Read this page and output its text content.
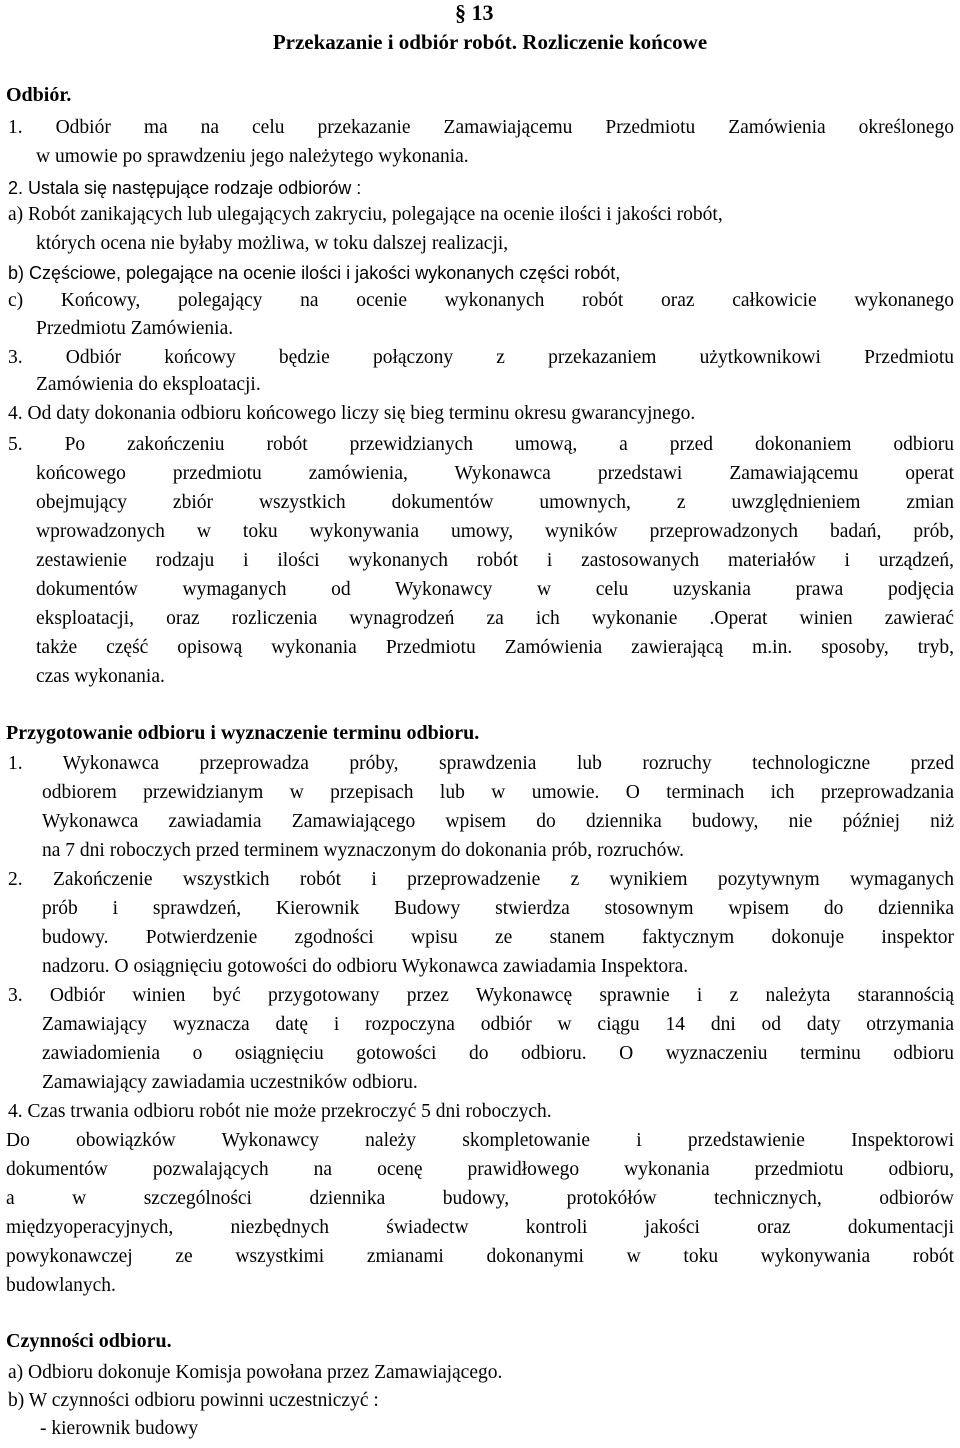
§ 13
Przekazanie i odbiór robót. Rozliczenie końcowe
Odbiór.
1. Odbiór ma na celu przekazanie Zamawiającemu Przedmiotu Zamówienia określonego
w umowie po sprawdzeniu jego należytego wykonania.
2. Ustala się następujące rodzaje odbiorów :
a) Robót zanikających lub ulegających zakryciu, polegające na ocenie ilości i jakości robót,
których ocena nie byłaby możliwa, w toku dalszej realizacji,
b) Częściowe, polegające na ocenie ilości i jakości wykonanych części robót,
c) Końcowy, polegający na ocenie wykonanych robót oraz całkowicie wykonanego
Przedmiotu Zamówienia.
3. Odbiór końcowy będzie połączony z przekazaniem użytkownikowi Przedmiotu
Zamówienia do eksploatacji.
4. Od daty dokonania odbioru końcowego liczy się bieg terminu okresu gwarancyjnego.
5. Po zakończeniu robót przewidzianych umową, a przed dokonaniem odbioru
końcowego przedmiotu zamówienia, Wykonawca przedstawi Zamawiającemu operat
obejmujący zbiór wszystkich dokumentów umownych, z uwzględnieniem zmian
wprowadzonych w toku wykonywania umowy, wyników przeprowadzonych badań, prób,
zestawienie rodzaju i ilości wykonanych robót i zastosowanych materiałów i urządzeń,
dokumentów wymaganych od Wykonawcy w celu uzyskania prawa podjęcia
eksploatacji, oraz rozliczenia wynagrodzeń za ich wykonanie .Operat winien zawierać
także część opisową wykonania Przedmiotu Zamówienia zawierającą m.in. sposoby, tryb,
czas wykonania.
Przygotowanie odbioru i wyznaczenie terminu odbioru.
1. Wykonawca przeprowadza próby, sprawdzenia lub rozruchy technologiczne przed
odbiorem przewidzianym w przepisach lub w umowie. O terminach ich przeprowadzania
Wykonawca zawiadamia Zamawiającego wpisem do dziennika budowy, nie później niż
na 7 dni roboczych przed terminem wyznaczonym do dokonania prób, rozruchów.
2. Zakończenie wszystkich robót i przeprowadzenie z wynikiem pozytywnym wymaganych
prób i sprawdzeń, Kierownik Budowy stwierdza stosownym wpisem do dziennika
budowy. Potwierdzenie zgodności wpisu ze stanem faktycznym dokonuje inspektor
nadzoru. O osiągnięciu gotowości do odbioru Wykonawca zawiadamia Inspektora.
3. Odbiór winien być przygotowany przez Wykonawcę sprawnie i z należyta starannością
Zamawiający wyznacza datę i rozpoczyna odbiór w ciągu 14 dni od daty otrzymania
zawiadomienia o osiągnięciu gotowości do odbioru. O wyznaczeniu terminu odbioru
Zamawiający zawiadamia uczestników odbioru.
4. Czas trwania odbioru robót nie może przekroczyć 5 dni roboczych.
Do obowiązków Wykonawcy należy skompletowanie i przedstawienie Inspektorowi
dokumentów pozwalających na ocenę prawidłowego wykonania przedmiotu odbioru,
a w szczególności dziennika budowy, protokółów technicznych, odbiorów
międzyoperacyjnych, niezbędnych świadectw kontroli jakości oraz dokumentacji
powykonawczej ze wszystkimi zmianami dokonanymi w toku wykonywania robót
budowlanych.
Czynności odbioru.
a) Odbioru dokonuje Komisja powołana przez Zamawiającego.
b) W czynności odbioru powinni uczestniczyć :
- kierownik budowy
